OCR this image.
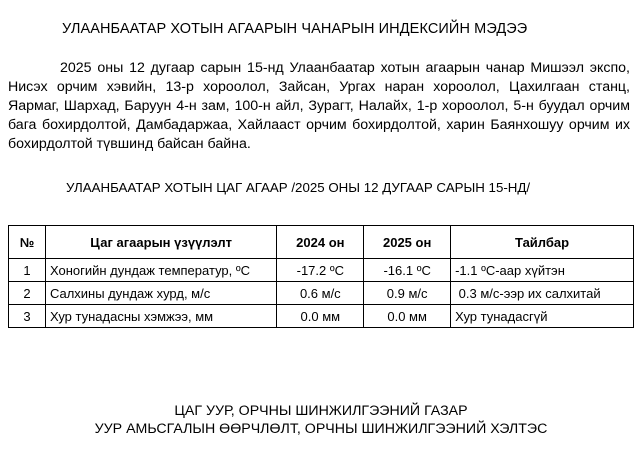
УЛААНБААТАР ХОТЫН АГААРЫН ЧАНАРЫН ИНДЕКСИЙН МЭДЭЭ
2025 оны 12 дугаар сарын 15-нд Улаанбаатар хотын агаарын чанар Мишээл экспо, Нисэх орчим хэвийн, 13-р хороолол, Зайсан, Ургах наран хороолол, Цахилгаан станц, Яармаг, Шархад, Баруун 4-н зам, 100-н айл, Зурагт, Налайх, 1-р хороолол, 5-н буудал орчим бага бохирдолтой, Дамбадаржаа, Хайлааст орчим бохирдолтой, харин Баянхошуу орчим их бохирдолтой түвшинд байсан байна.
УЛААНБААТАР ХОТЫН ЦАГ АГААР /2025 ОНЫ 12 ДУГААР САРЫН 15-НД/
№	Цаг агаарын үзүүлэлт	2024 он	2025 он	Тайлбар
1	Хоногийн дундаж температур, ºС	-17.2 ºС	-16.1 ºС	-1.1 ºС-аар хүйтэн
2	Салхины дундаж хурд, м/с	0.6 м/с	0.9 м/с	0.3 м/с-ээр их салхитай
3	Хур тунадасны хэмжээ, мм	0.0 мм	0.0 мм	Хур тунадасгүй
ЦАГ УУР, ОРЧНЫ ШИНЖИЛГЭЭНИЙ ГАЗАР
УУР АМЬСГАЛЫН ӨӨРЧЛӨЛТ, ОРЧНЫ ШИНЖИЛГЭЭНИЙ ХЭЛТЭС
